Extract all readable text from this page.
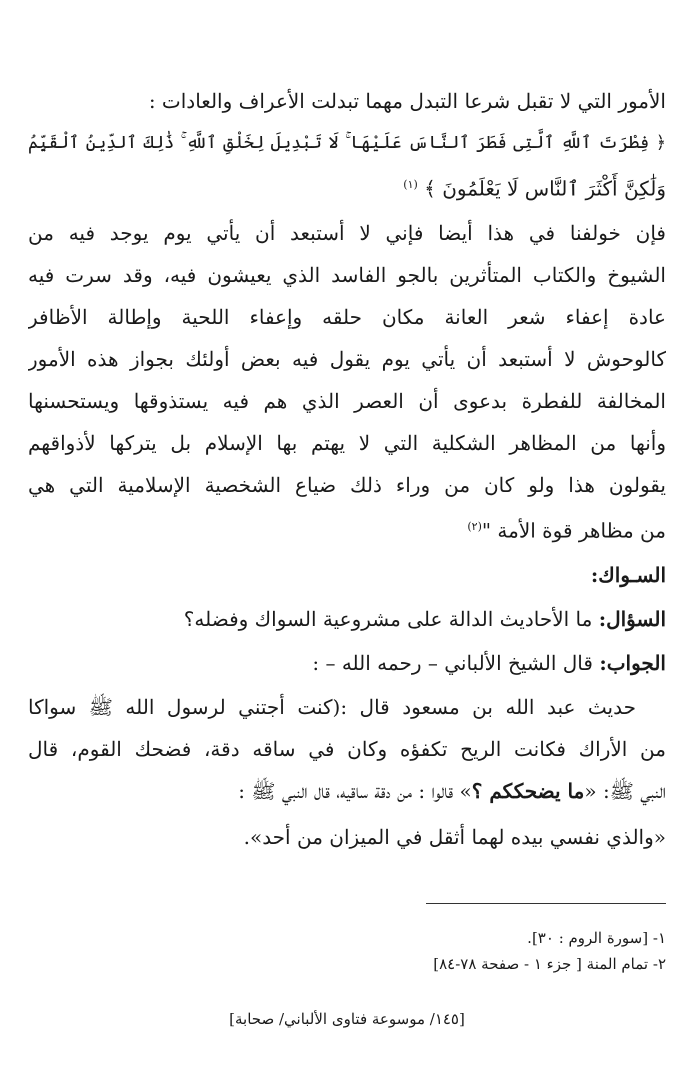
الأمور التي لا تقبل شرعا التبدل مهما تبدلت الأعراف والعادات :
﴿ فِطْرَتَ ٱللَّهِ ٱلَّتِى فَطَرَ ٱلنَّاسَ عَلَيْهَا ۚ لَا تَبْدِيلَ لِخَلْقِ ٱللَّهِ ۚ ذَٰلِكَ ٱلدِّينُ ٱلْقَيِّمُ
وَلَٰكِنَّ أَكْثَرَ ٱلنَّاسِ لَا يَعْلَمُونَ ﴾ $^{(١)}$
فإن خولفنا في هذا أيضا فإني لا أستبعد أن يأتي يوم يوجد فيه من
الشيوخ والكتاب المتأثرين بالجو الفاسد الذي يعيشون فيه، وقد سرت فيه
عادة إعفاء شعر العانة مكان حلقه وإعفاء اللحية وإطالة الأظافر
كالوحوش لا أستبعد أن يأتي يوم يقول فيه بعض أولئك بجواز هذه الأمور
المخالفة للفطرة بدعوى أن العصر الذي هم فيه يستذوقها ويستحسنها
وأنها من المظاهر الشكلية التي لا يهتم بها الإسلام بل يتركها لأذواقهم
يقولون هذا ولو كان من وراء ذلك ضياع الشخصية الإسلامية التي هي
من مظاهر قوة الأمة "$^{(٢)}$
السـواك:
السؤال: ما الأحاديث الدالة على مشروعية السواك وفضله؟
الجواب: قال الشيخ الألباني – رحمه الله – :
حديث عبد الله بن مسعود قال :(كنت أجتني لرسول الله ﷺ سواكا
من الأراك فكانت الريح تكفؤه وكان في ساقه دقة، فضحك القوم، قال
النبي ﷺ: «ما يضحككم ؟» قالوا : من دقة ساقيه، قال النبي ﷺ :
«والذي نفسي بيده لهما أثقل في الميزان من أحد».
١- [سورة الروم : ٣٠].
٢- تمام المنة [ جزء ١ - صفحة ٧٨-٨٤]
[١٤٥/ موسوعة فتاوى الألباني/ صحابة]
